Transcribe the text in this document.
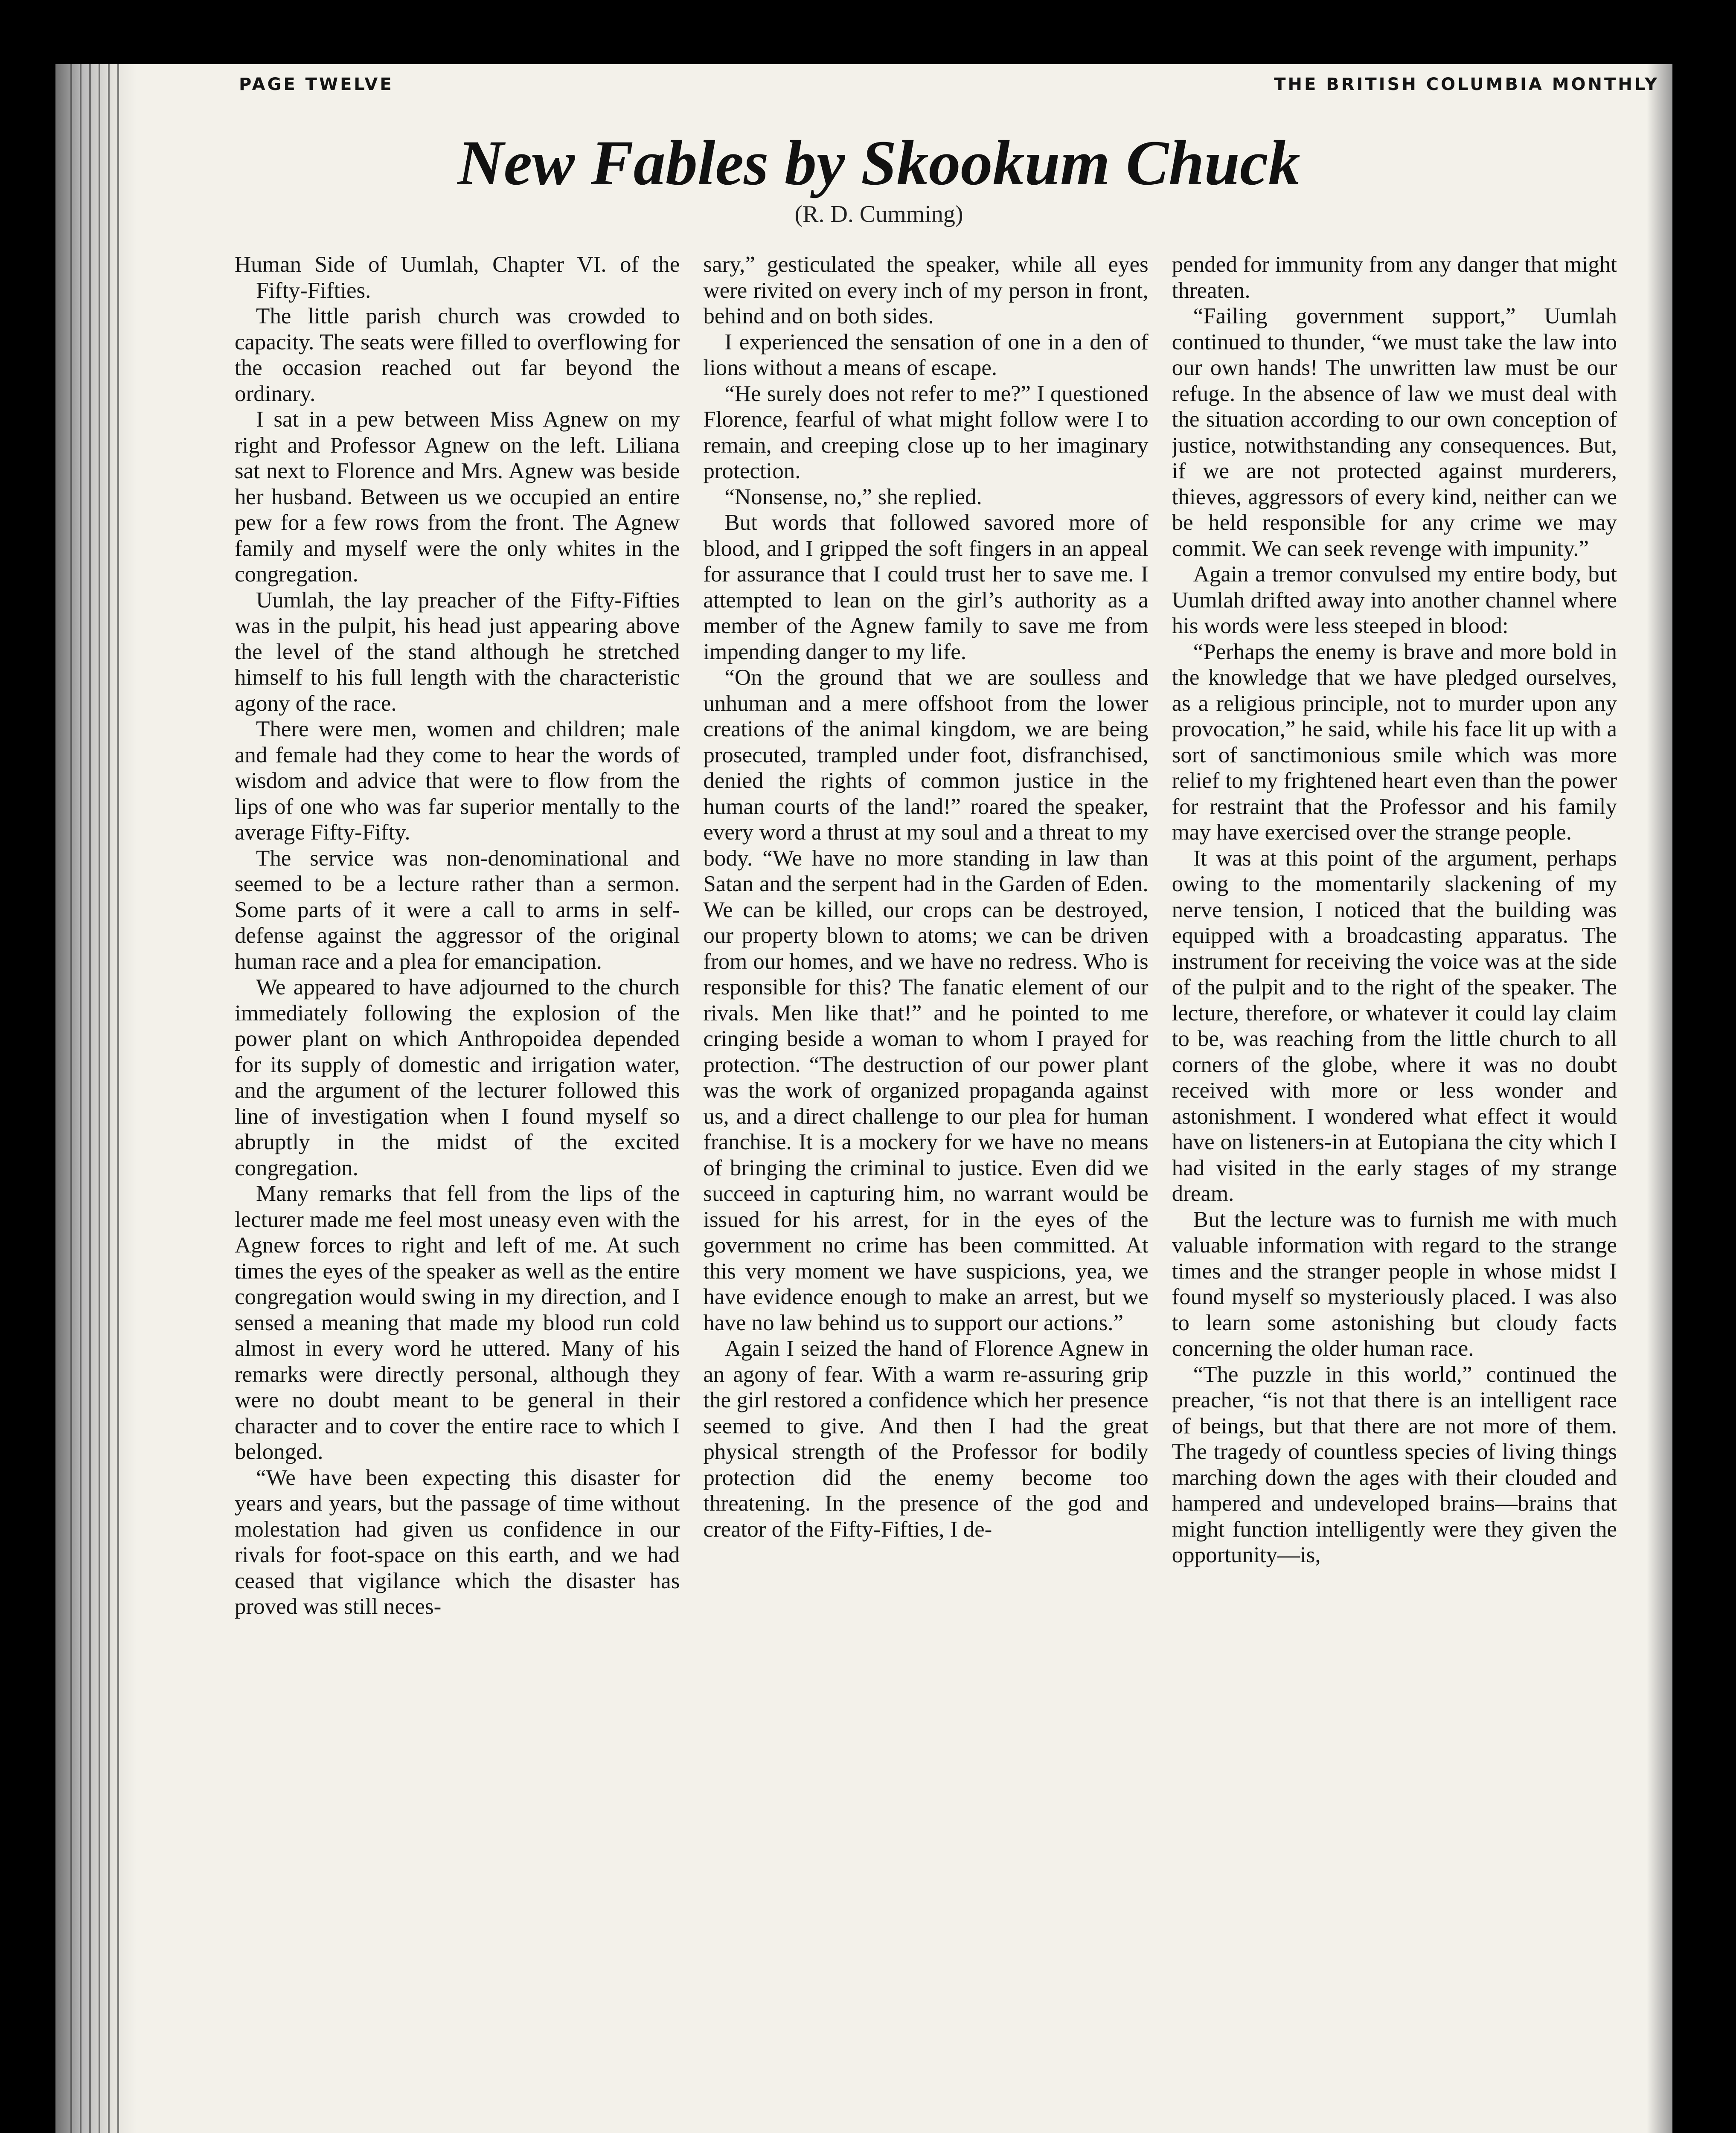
PAGE TWELVE	THE BRITISH COLUMBIA MONTHLY
New Fables by Skookum Chuck
(R. D. Cumming)

Human Side of Uumlah, Chapter VI. of the Fifty-Fifties.

The little parish church was crowded to capacity. The seats were filled to overflowing for the occasion reached out far beyond the ordinary.

I sat in a pew between Miss Agnew on my right and Professor Agnew on the left. Liliana sat next to Florence and Mrs. Agnew was beside her husband. Between us we occupied an entire pew for a few rows from the front. The Agnew family and myself were the only whites in the congregation.

Uumlah, the lay preacher of the Fifty-Fifties was in the pulpit, his head just appearing above the level of the stand although he stretched himself to his full length with the characteristic agony of the race.

There were men, women and children; male and female had they come to hear the words of wisdom and advice that were to flow from the lips of one who was far superior mentally to the average Fifty-Fifty.

The service was non-denominational and seemed to be a lecture rather than a sermon. Some parts of it were a call to arms in self-defense against the aggressor of the original human race and a plea for emancipation.

We appeared to have adjourned to the church immediately following the explosion of the power plant on which Anthropoidea depended for its supply of domestic and irrigation water, and the argument of the lecturer followed this line of investigation when I found myself so abruptly in the midst of the excited congregation.

Many remarks that fell from the lips of the lecturer made me feel most uneasy even with the Agnew forces to right and left of me. At such times the eyes of the speaker as well as the entire congregation would swing in my direction, and I sensed a meaning that made my blood run cold almost in every word he uttered. Many of his remarks were directly personal, although they were no doubt meant to be general in their character and to cover the entire race to which I belonged.

“We have been expecting this disaster for years and years, but the passage of time without molestation had given us confidence in our rivals for foot-space on this earth, and we had ceased that vigilance which the disaster has proved was still neces-

sary,” gesticulated the speaker, while all eyes were rivited on every inch of my person in front, behind and on both sides.

I experienced the sensation of one in a den of lions without a means of escape.

“He surely does not refer to me?” I questioned Florence, fearful of what might follow were I to remain, and creeping close up to her imaginary protection.

“Nonsense, no,” she replied.

But words that followed savored more of blood, and I gripped the soft fingers in an appeal for assurance that I could trust her to save me. I attempted to lean on the girl’s authority as a member of the Agnew family to save me from impending danger to my life.

“On the ground that we are soulless and unhuman and a mere offshoot from the lower creations of the animal kingdom, we are being prosecuted, trampled under foot, disfranchised, denied the rights of common justice in the human courts of the land!” roared the speaker, every word a thrust at my soul and a threat to my body. “We have no more standing in law than Satan and the serpent had in the Garden of Eden. We can be killed, our crops can be destroyed, our property blown to atoms; we can be driven from our homes, and we have no redress. Who is responsible for this? The fanatic element of our rivals. Men like that!” and he pointed to me cringing beside a woman to whom I prayed for protection. “The destruction of our power plant was the work of organized propaganda against us, and a direct challenge to our plea for human franchise. It is a mockery for we have no means of bringing the criminal to justice. Even did we succeed in capturing him, no warrant would be issued for his arrest, for in the eyes of the government no crime has been committed. At this very moment we have suspicions, yea, we have evidence enough to make an arrest, but we have no law behind us to support our actions.”

Again I seized the hand of Florence Agnew in an agony of fear. With a warm re-assuring grip the girl restored a confidence which her presence seemed to give. And then I had the great physical strength of the Professor for bodily protection did the enemy become too threatening. In the presence of the god and creator of the Fifty-Fifties, I de-

pended for immunity from any danger that might threaten.

“Failing government support,” Uumlah continued to thunder, “we must take the law into our own hands! The unwritten law must be our refuge. In the absence of law we must deal with the situation according to our own conception of justice, notwithstanding any consequences. But, if we are not protected against murderers, thieves, aggressors of every kind, neither can we be held responsible for any crime we may commit. We can seek revenge with impunity.”

Again a tremor convulsed my entire body, but Uumlah drifted away into another channel where his words were less steeped in blood:

“Perhaps the enemy is brave and more bold in the knowledge that we have pledged ourselves, as a religious principle, not to murder upon any provocation,” he said, while his face lit up with a sort of sanctimonious smile which was more relief to my frightened heart even than the power for restraint that the Professor and his family may have exercised over the strange people.

It was at this point of the argument, perhaps owing to the momentarily slackening of my nerve tension, I noticed that the building was equipped with a broadcasting apparatus. The instrument for receiving the voice was at the side of the pulpit and to the right of the speaker. The lecture, therefore, or whatever it could lay claim to be, was reaching from the little church to all corners of the globe, where it was no doubt received with more or less wonder and astonishment. I wondered what effect it would have on listeners-in at Eutopiana the city which I had visited in the early stages of my strange dream.

But the lecture was to furnish me with much valuable information with regard to the strange times and the stranger people in whose midst I found myself so mysteriously placed. I was also to learn some astonishing but cloudy facts concerning the older human race.

“The puzzle in this world,” continued the preacher, “is not that there is an intelligent race of beings, but that there are not more of them. The tragedy of countless species of living things marching down the ages with their clouded and hampered and undeveloped brains—brains that might function intelligently were they given the opportunity—is,
